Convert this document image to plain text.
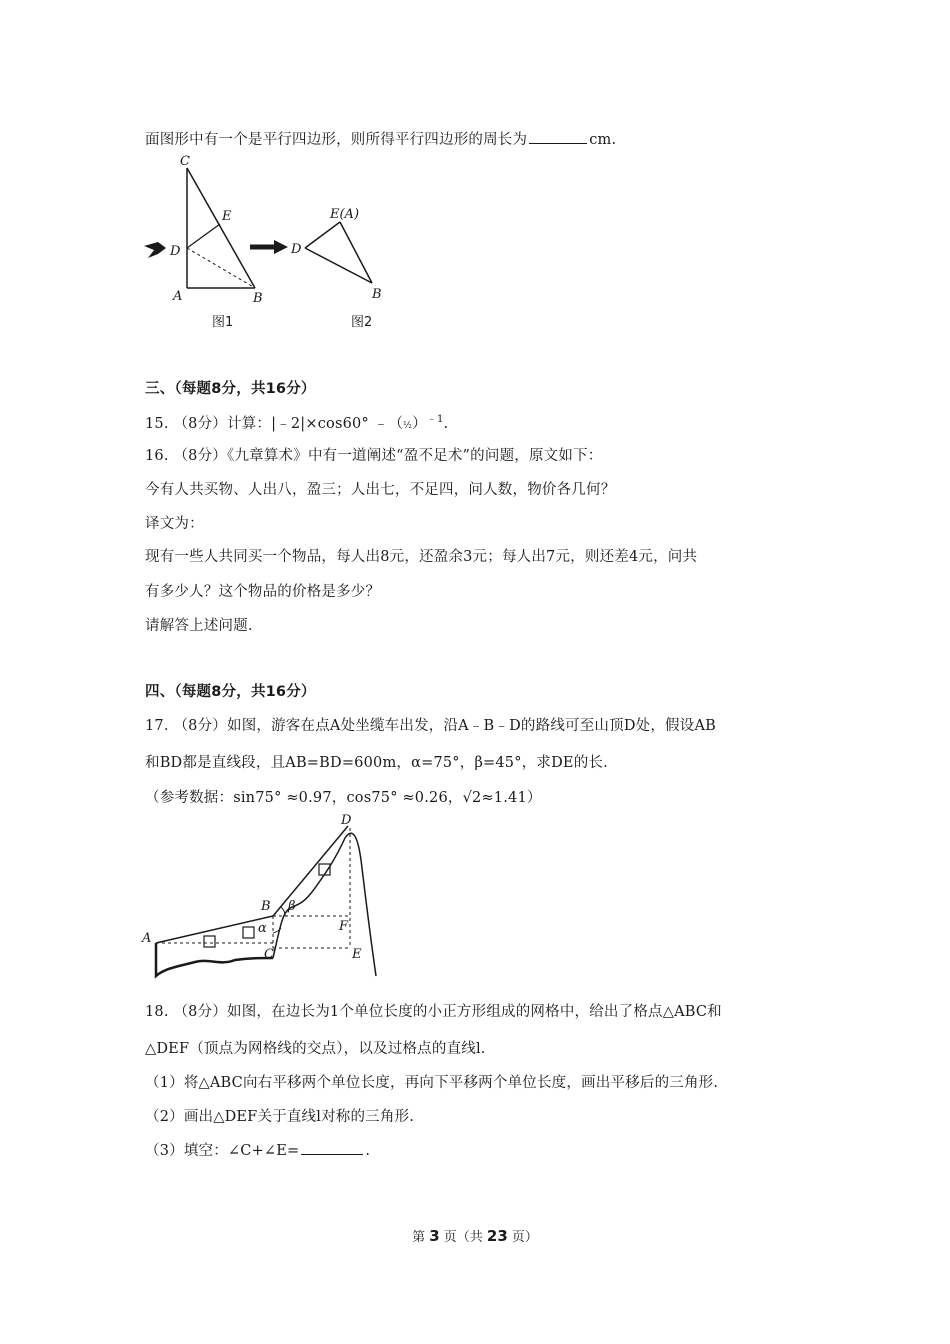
面图形中有一个是平行四边形，则所得平行四边形的周长为	cm.
C
E
D
A	B
图1
E(A)
D
B
图2
三、（每题8分，共16分）
15. （8分）计算：|﹣2|×cos60° ﹣（½）$^{﹣1}$.
16. （8分）《九章算术》中有一道阐述“盈不足术”的问题，原文如下：
今有人共买物、人出八，盈三；人出七，不足四，问人数，物价各几何？
译文为：
现有一些人共同买一个物品，每人出8元，还盈余3元；每人出7元，则还差4元，问共
有多少人？这个物品的价格是多少？
请解答上述问题.
四、（每题8分，共16分）
17. （8分）如图，游客在点A处坐缆车出发，沿A﹣B﹣D的路线可至山顶D处，假设AB
和BD都是直线段，且AB=BD=600m，α=75°，β=45°，求DE的长.
（参考数据：sin75° ≈0.97，cos75° ≈0.26，√2≈1.41）
A
B
C
D
E
F
α
β
18. （8分）如图，在边长为1个单位长度的小正方形组成的网格中，给出了格点△ABC和
△DEF（顶点为网格线的交点），以及过格点的直线l.
（1）将△ABC向右平移两个单位长度，再向下平移两个单位长度，画出平移后的三角形.
（2）画出△DEF关于直线l对称的三角形.
（3）填空：∠C+∠E=	.
第 3 页（共 23 页）
